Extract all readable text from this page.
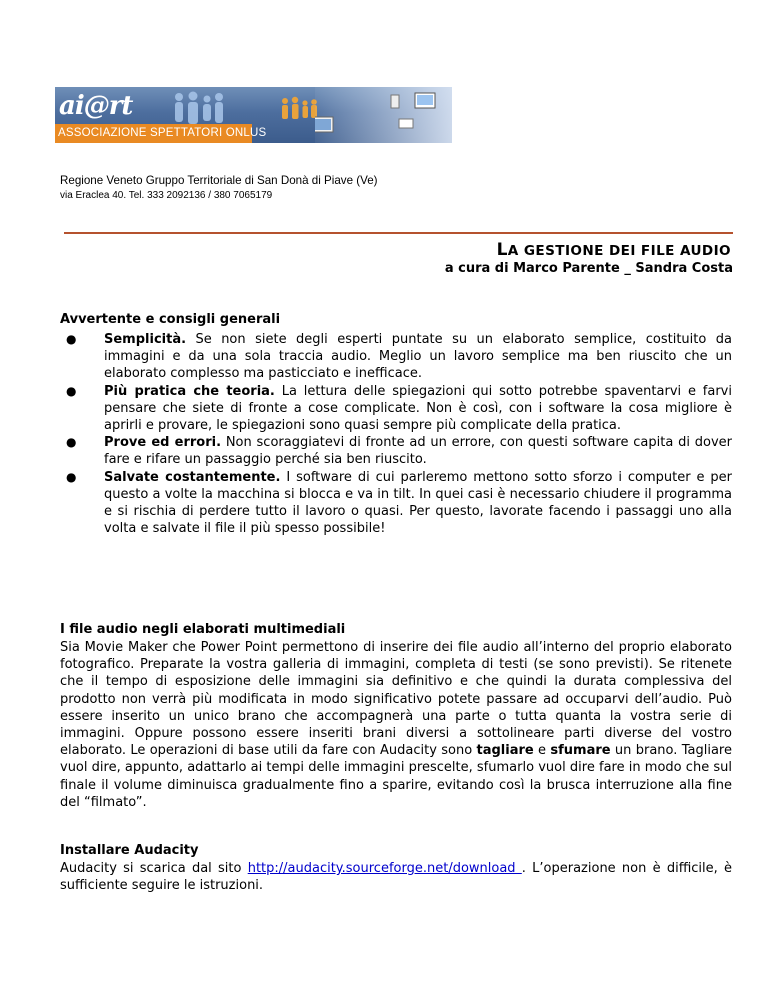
ai@rt
ASSOCIAZIONE SPETTATORI ONLUS
Regione Veneto Gruppo Territoriale di San Donà di Piave (Ve)
via Eraclea 40. Tel. 333 2092136 / 380 7065179
LA GESTIONE DEI FILE AUDIO
a cura di Marco Parente _ Sandra Costa
Avvertente e consigli generali
● Semplicità. Se non siete degli esperti puntate su un elaborato semplice, costituito da immagini e da una sola traccia audio. Meglio un lavoro semplice ma ben riuscito che un elaborato complesso ma pasticciato e inefficace.
● Più pratica che teoria. La lettura delle spiegazioni qui sotto potrebbe spaventarvi e farvi pensare che siete di fronte a cose complicate. Non è così, con i software la cosa migliore è aprirli e provare, le spiegazioni sono quasi sempre più complicate della pratica.
● Prove ed errori. Non scoraggiatevi di fronte ad un errore, con questi software capita di dover fare e rifare un passaggio perché sia ben riuscito.
● Salvate costantemente. I software di cui parleremo mettono sotto sforzo i computer e per questo a volte la macchina si blocca e va in tilt. In quei casi è necessario chiudere il programma e si rischia di perdere tutto il lavoro o quasi. Per questo, lavorate facendo i passaggi uno alla volta e salvate il file il più spesso possibile!
I file audio negli elaborati multimediali
Sia Movie Maker che Power Point permettono di inserire dei file audio all’interno del proprio elaborato fotografico. Preparate la vostra galleria di immagini, completa di testi (se sono previsti). Se ritenete che il tempo di esposizione delle immagini sia definitivo e che quindi la durata complessiva del prodotto non verrà più modificata in modo significativo potete passare ad occuparvi dell’audio. Può essere inserito un unico brano che accompagnerà una parte o tutta quanta la vostra serie di immagini. Oppure possono essere inseriti brani diversi a sottolineare parti diverse del vostro elaborato. Le operazioni di base utili da fare con Audacity sono tagliare e sfumare un brano. Tagliare vuol dire, appunto, adattarlo ai tempi delle immagini prescelte, sfumarlo vuol dire fare in modo che sul finale il volume diminuisca gradualmente fino a sparire, evitando così la brusca interruzione alla fine del “filmato”.
Installare Audacity
Audacity si scarica dal sito http://audacity.sourceforge.net/download . L’operazione non è difficile, è sufficiente seguire le istruzioni.
